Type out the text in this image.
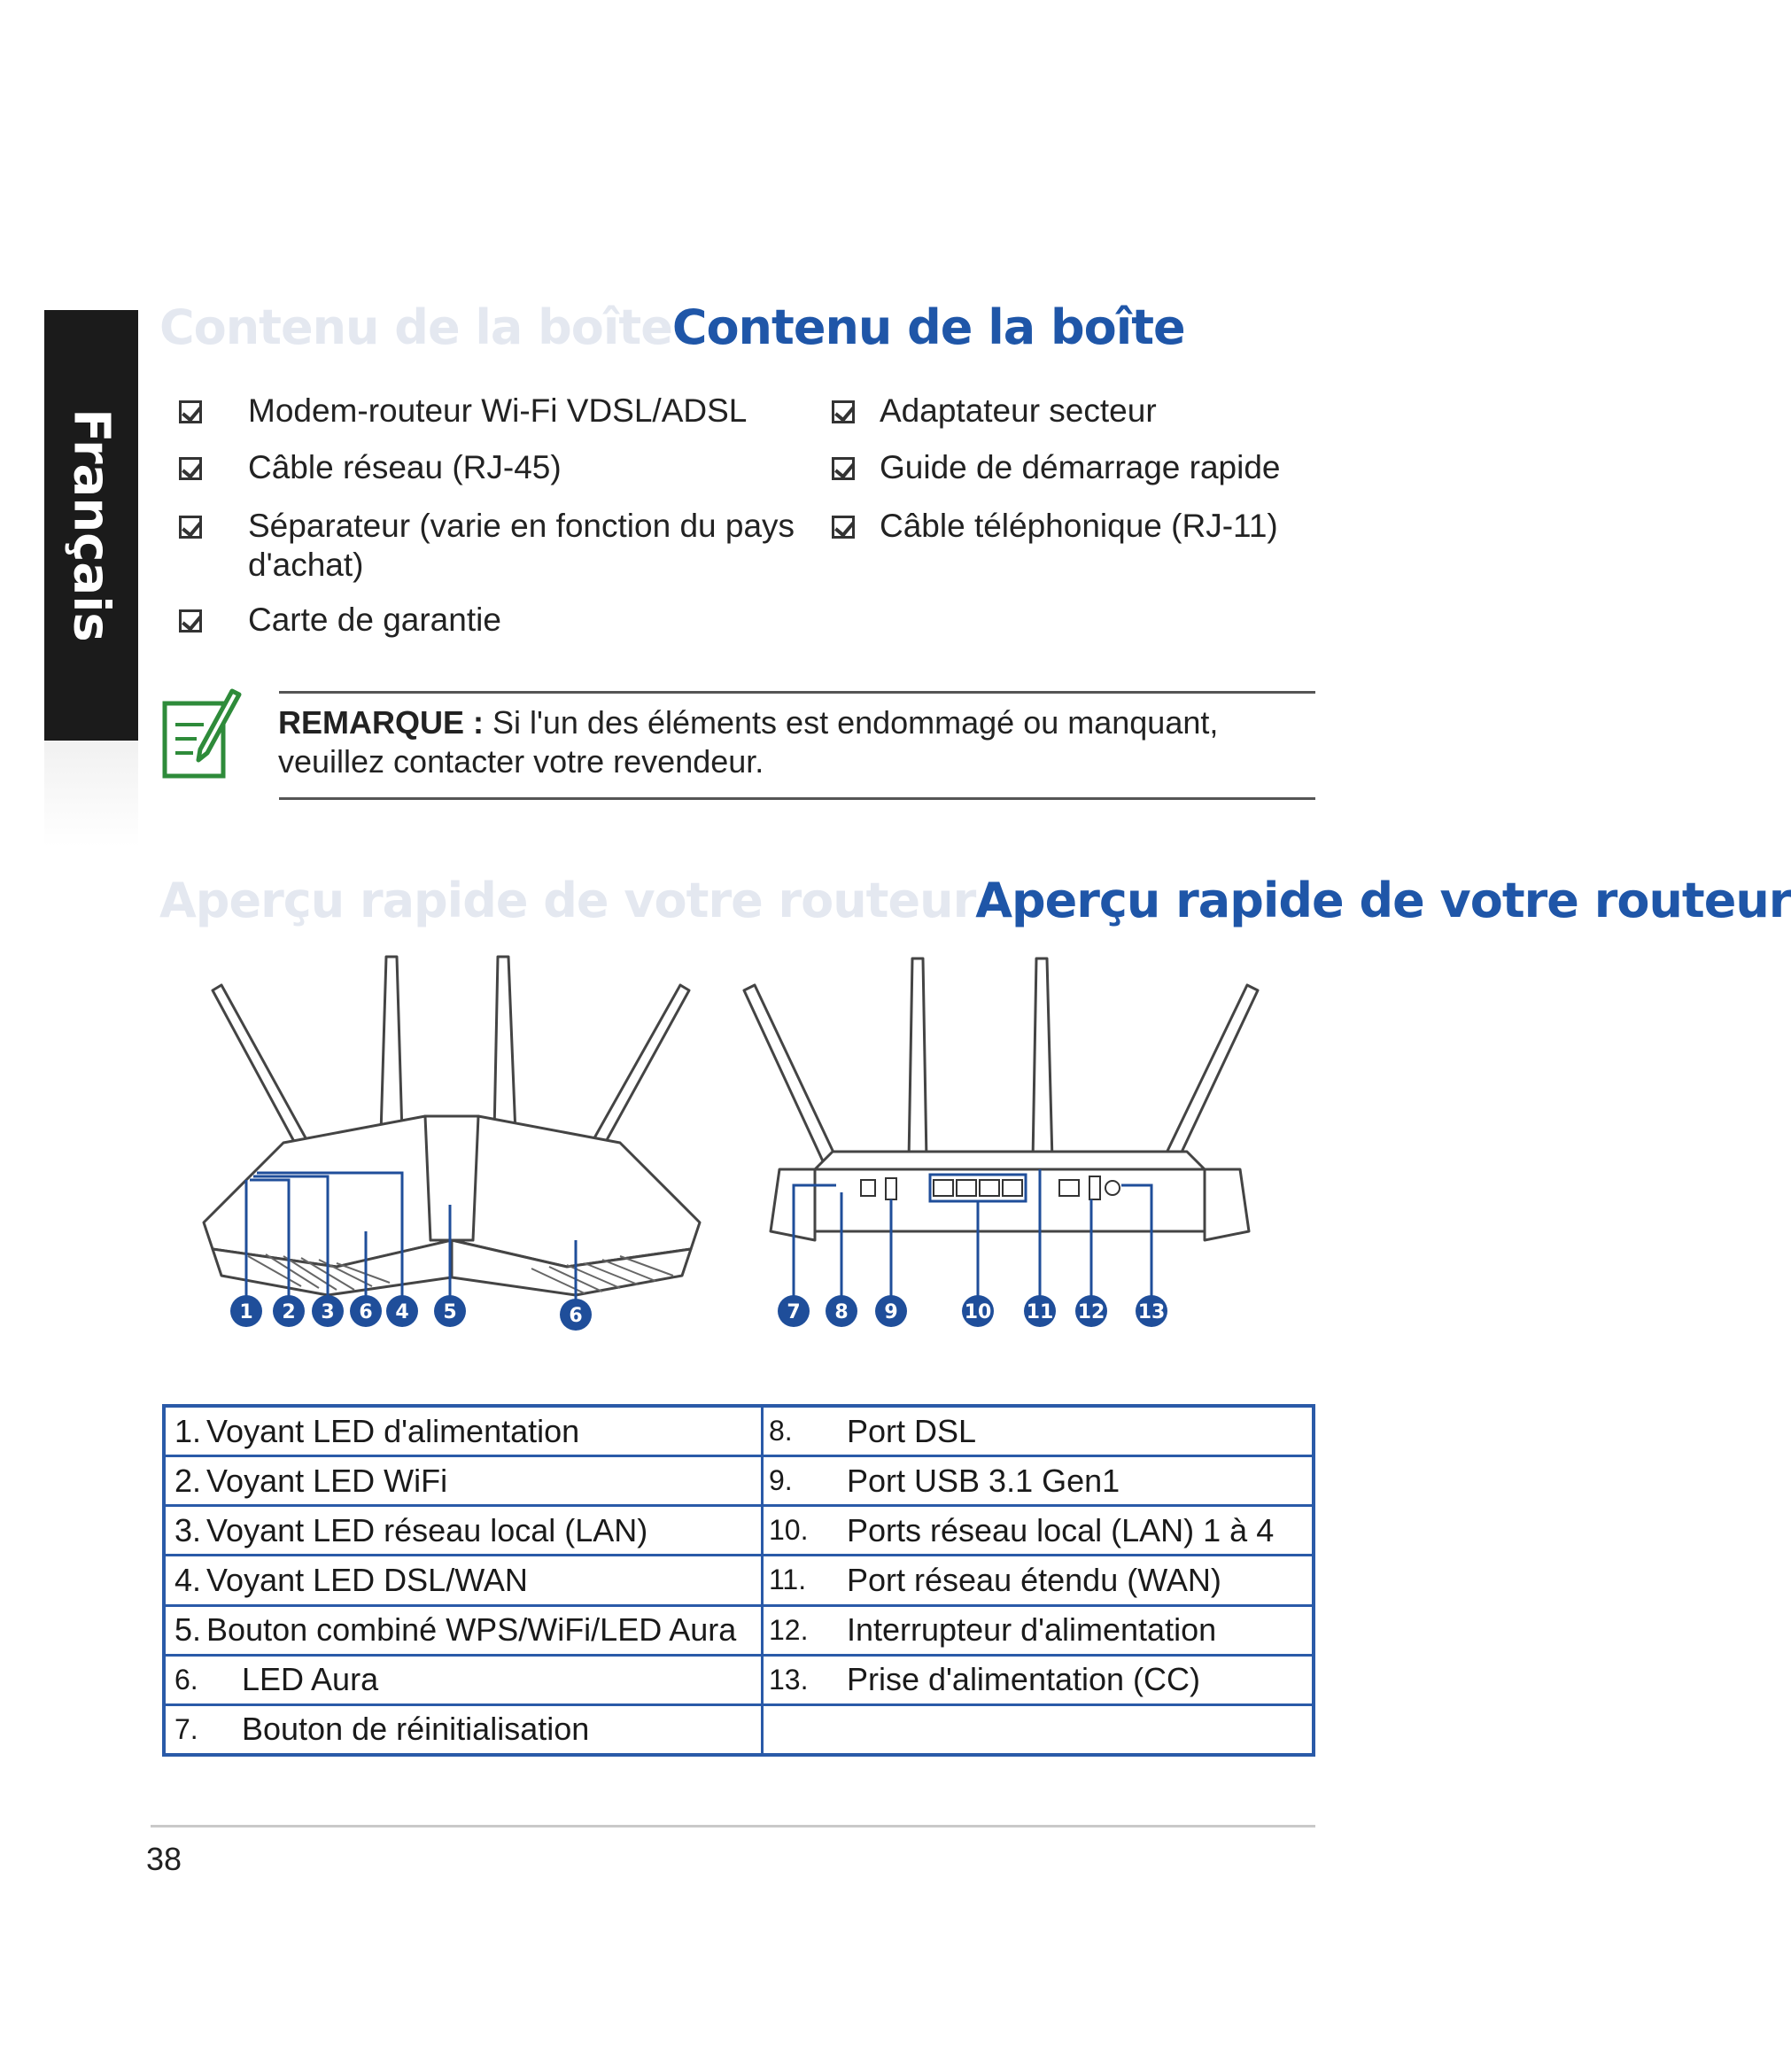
Français
Contenu de la boîteContenu de la boîte
Modem-routeur Wi-Fi VDSL/ADSL	Adaptateur secteur
Câble réseau (RJ-45)	Guide de démarrage rapide
Séparateur (varie en fonction du pays d'achat)
Câble téléphonique (RJ-11)
Carte de garantie
REMARQUE : Si l'un des éléments est endommagé ou manquant, veuillez contacter votre revendeur.
Aperçu rapide de votre routeurAperçu rapide de votre routeur
1 2 3 6 4 5	6	7 8 9	10 11 12 13
1. Voyant LED d'alimentation	8. Port DSL

2. Voyant LED WiFi	9. Port USB 3.1 Gen1

3. Voyant LED réseau local (LAN)	10. Ports réseau local (LAN) 1 à 4

4. Voyant LED DSL/WAN	11. Port réseau étendu (WAN)

5. Bouton combiné WPS/WiFi/LED Aura	12. Interrupteur d'alimentation

6. LED Aura	13. Prise d'alimentation (CC)

7. Bouton de réinitialisation	

38
